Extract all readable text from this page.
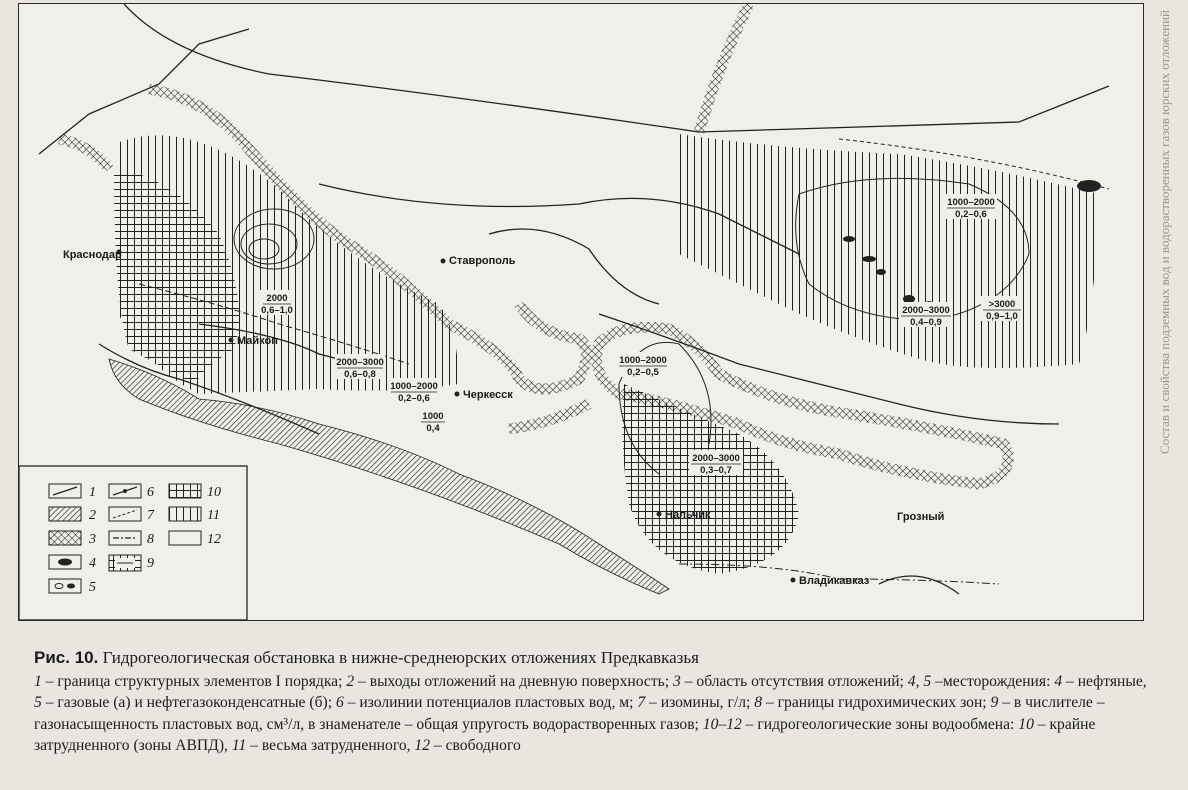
Краснодар	Ставрополь
Майкоп
Черкесск
Нальчик	Грозный
Владикавказ
2000
0,6–1,0
2000–3000
0,6–0,8
1000–2000
0,2–0,6
1000
0,4
1000–2000
0,2–0,5
2000–3000
0,3–0,7
1000–2000
0,2–0,6
2000–3000
0,4–0,9
>3000
0,9–1,0
1
2
3
4
5
6
7
8
9
10
11
12
Рис. 10. Гидрогеологическая обстановка в нижне-среднеюрских отложениях Предкавказья

1 – граница структурных элементов I порядка; 2 – выходы отложений на дневную поверхность; 3 – область отсутствия отложений; 4, 5 –месторождения: 4 – нефтяные, 5 – газовые (а) и нефтегазоконденсатные (б); 6 – изолинии потенциалов пластовых вод, м; 7 – изомины, г/л; 8 – границы гидрохимических зон; 9 – в числителе – газонасыщенность пластовых вод, см³/л, в знаменателе – общая упругость водорастворенных газов; 10–12 – гидрогеологические зоны водообмена: 10 – крайне затрудненного (зоны АВПД), 11 – весьма затрудненного, 12 – свободного

Состав и свойства подземных вод и водорастворенных газов юрских отложений
